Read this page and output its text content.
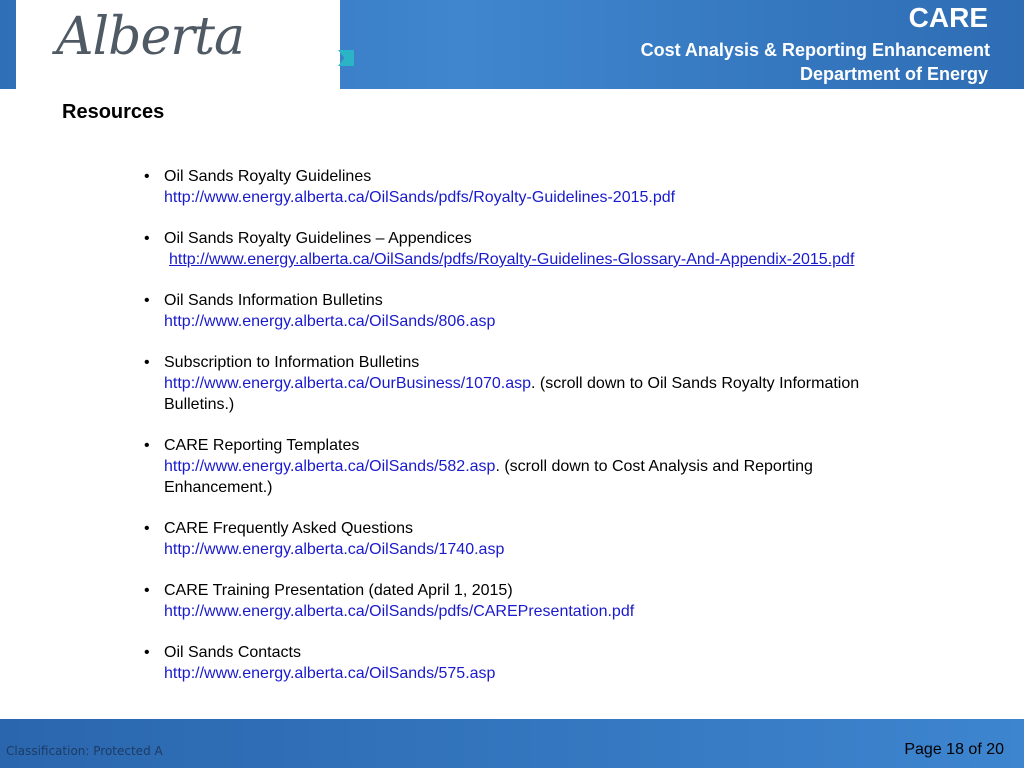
Alberta	CARE
Cost Analysis & Reporting Enhancement
Department of Energy
Resources
• Oil Sands Royalty Guidelines
http://www.energy.alberta.ca/OilSands/pdfs/Royalty-Guidelines-2015.pdf
• Oil Sands Royalty Guidelines – Appendices
http://www.energy.alberta.ca/OilSands/pdfs/Royalty-Guidelines-Glossary-And-Appendix-2015.pdf
• Oil Sands Information Bulletins
http://www.energy.alberta.ca/OilSands/806.asp
• Subscription to Information Bulletins
http://www.energy.alberta.ca/OurBusiness/1070.asp. (scroll down to Oil Sands Royalty Information Bulletins.)
• CARE Reporting Templates
http://www.energy.alberta.ca/OilSands/582.asp. (scroll down to Cost Analysis and Reporting Enhancement.)
• CARE Frequently Asked Questions
http://www.energy.alberta.ca/OilSands/1740.asp
• CARE Training Presentation (dated April 1, 2015)
http://www.energy.alberta.ca/OilSands/pdfs/CAREPresentation.pdf
• Oil Sands Contacts
http://www.energy.alberta.ca/OilSands/575.asp
Classification: Protected A	Page 18 of 20
